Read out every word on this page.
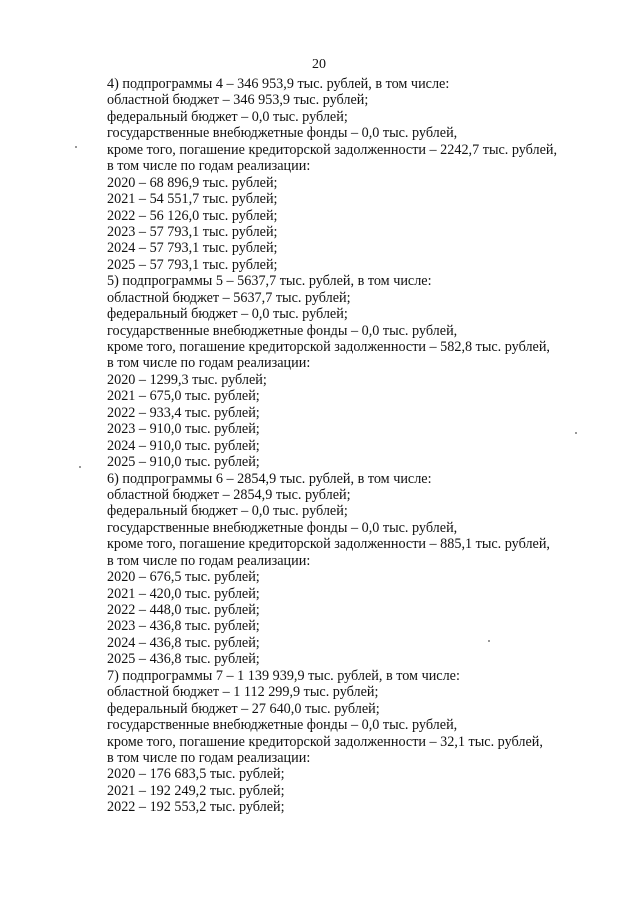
20
4) подпрограммы 4 – 346 953,9 тыс. рублей, в том числе:
областной бюджет – 346 953,9 тыс. рублей;
федеральный бюджет – 0,0 тыс. рублей;
государственные внебюджетные фонды – 0,0 тыс. рублей,
кроме того, погашение кредиторской задолженности – 2242,7 тыс. рублей,
в том числе по годам реализации:
2020 – 68 896,9 тыс. рублей;
2021 – 54 551,7 тыс. рублей;
2022 – 56 126,0 тыс. рублей;
2023 – 57 793,1 тыс. рублей;
2024 – 57 793,1 тыс. рублей;
2025 – 57 793,1 тыс. рублей;
5) подпрограммы 5 – 5637,7 тыс. рублей, в том числе:
областной бюджет – 5637,7 тыс. рублей;
федеральный бюджет – 0,0 тыс. рублей;
государственные внебюджетные фонды – 0,0 тыс. рублей,
кроме того, погашение кредиторской задолженности – 582,8 тыс. рублей,
в том числе по годам реализации:
2020 – 1299,3 тыс. рублей;
2021 – 675,0 тыс. рублей;
2022 – 933,4 тыс. рублей;
2023 – 910,0 тыс. рублей;
2024 – 910,0 тыс. рублей;
2025 – 910,0 тыс. рублей;
6) подпрограммы 6 – 2854,9 тыс. рублей, в том числе:
областной бюджет – 2854,9 тыс. рублей;
федеральный бюджет – 0,0 тыс. рублей;
государственные внебюджетные фонды – 0,0 тыс. рублей,
кроме того, погашение кредиторской задолженности – 885,1 тыс. рублей,
в том числе по годам реализации:
2020 – 676,5 тыс. рублей;
2021 – 420,0 тыс. рублей;
2022 – 448,0 тыс. рублей;
2023 – 436,8 тыс. рублей;
2024 – 436,8 тыс. рублей;
2025 – 436,8 тыс. рублей;
7) подпрограммы 7 – 1 139 939,9 тыс. рублей, в том числе:
областной бюджет – 1 112 299,9 тыс. рублей;
федеральный бюджет – 27 640,0 тыс. рублей;
государственные внебюджетные фонды – 0,0 тыс. рублей,
кроме того, погашение кредиторской задолженности – 32,1 тыс. рублей,
в том числе по годам реализации:
2020 – 176 683,5 тыс. рублей;
2021 – 192 249,2 тыс. рублей;
2022 – 192 553,2 тыс. рублей;
